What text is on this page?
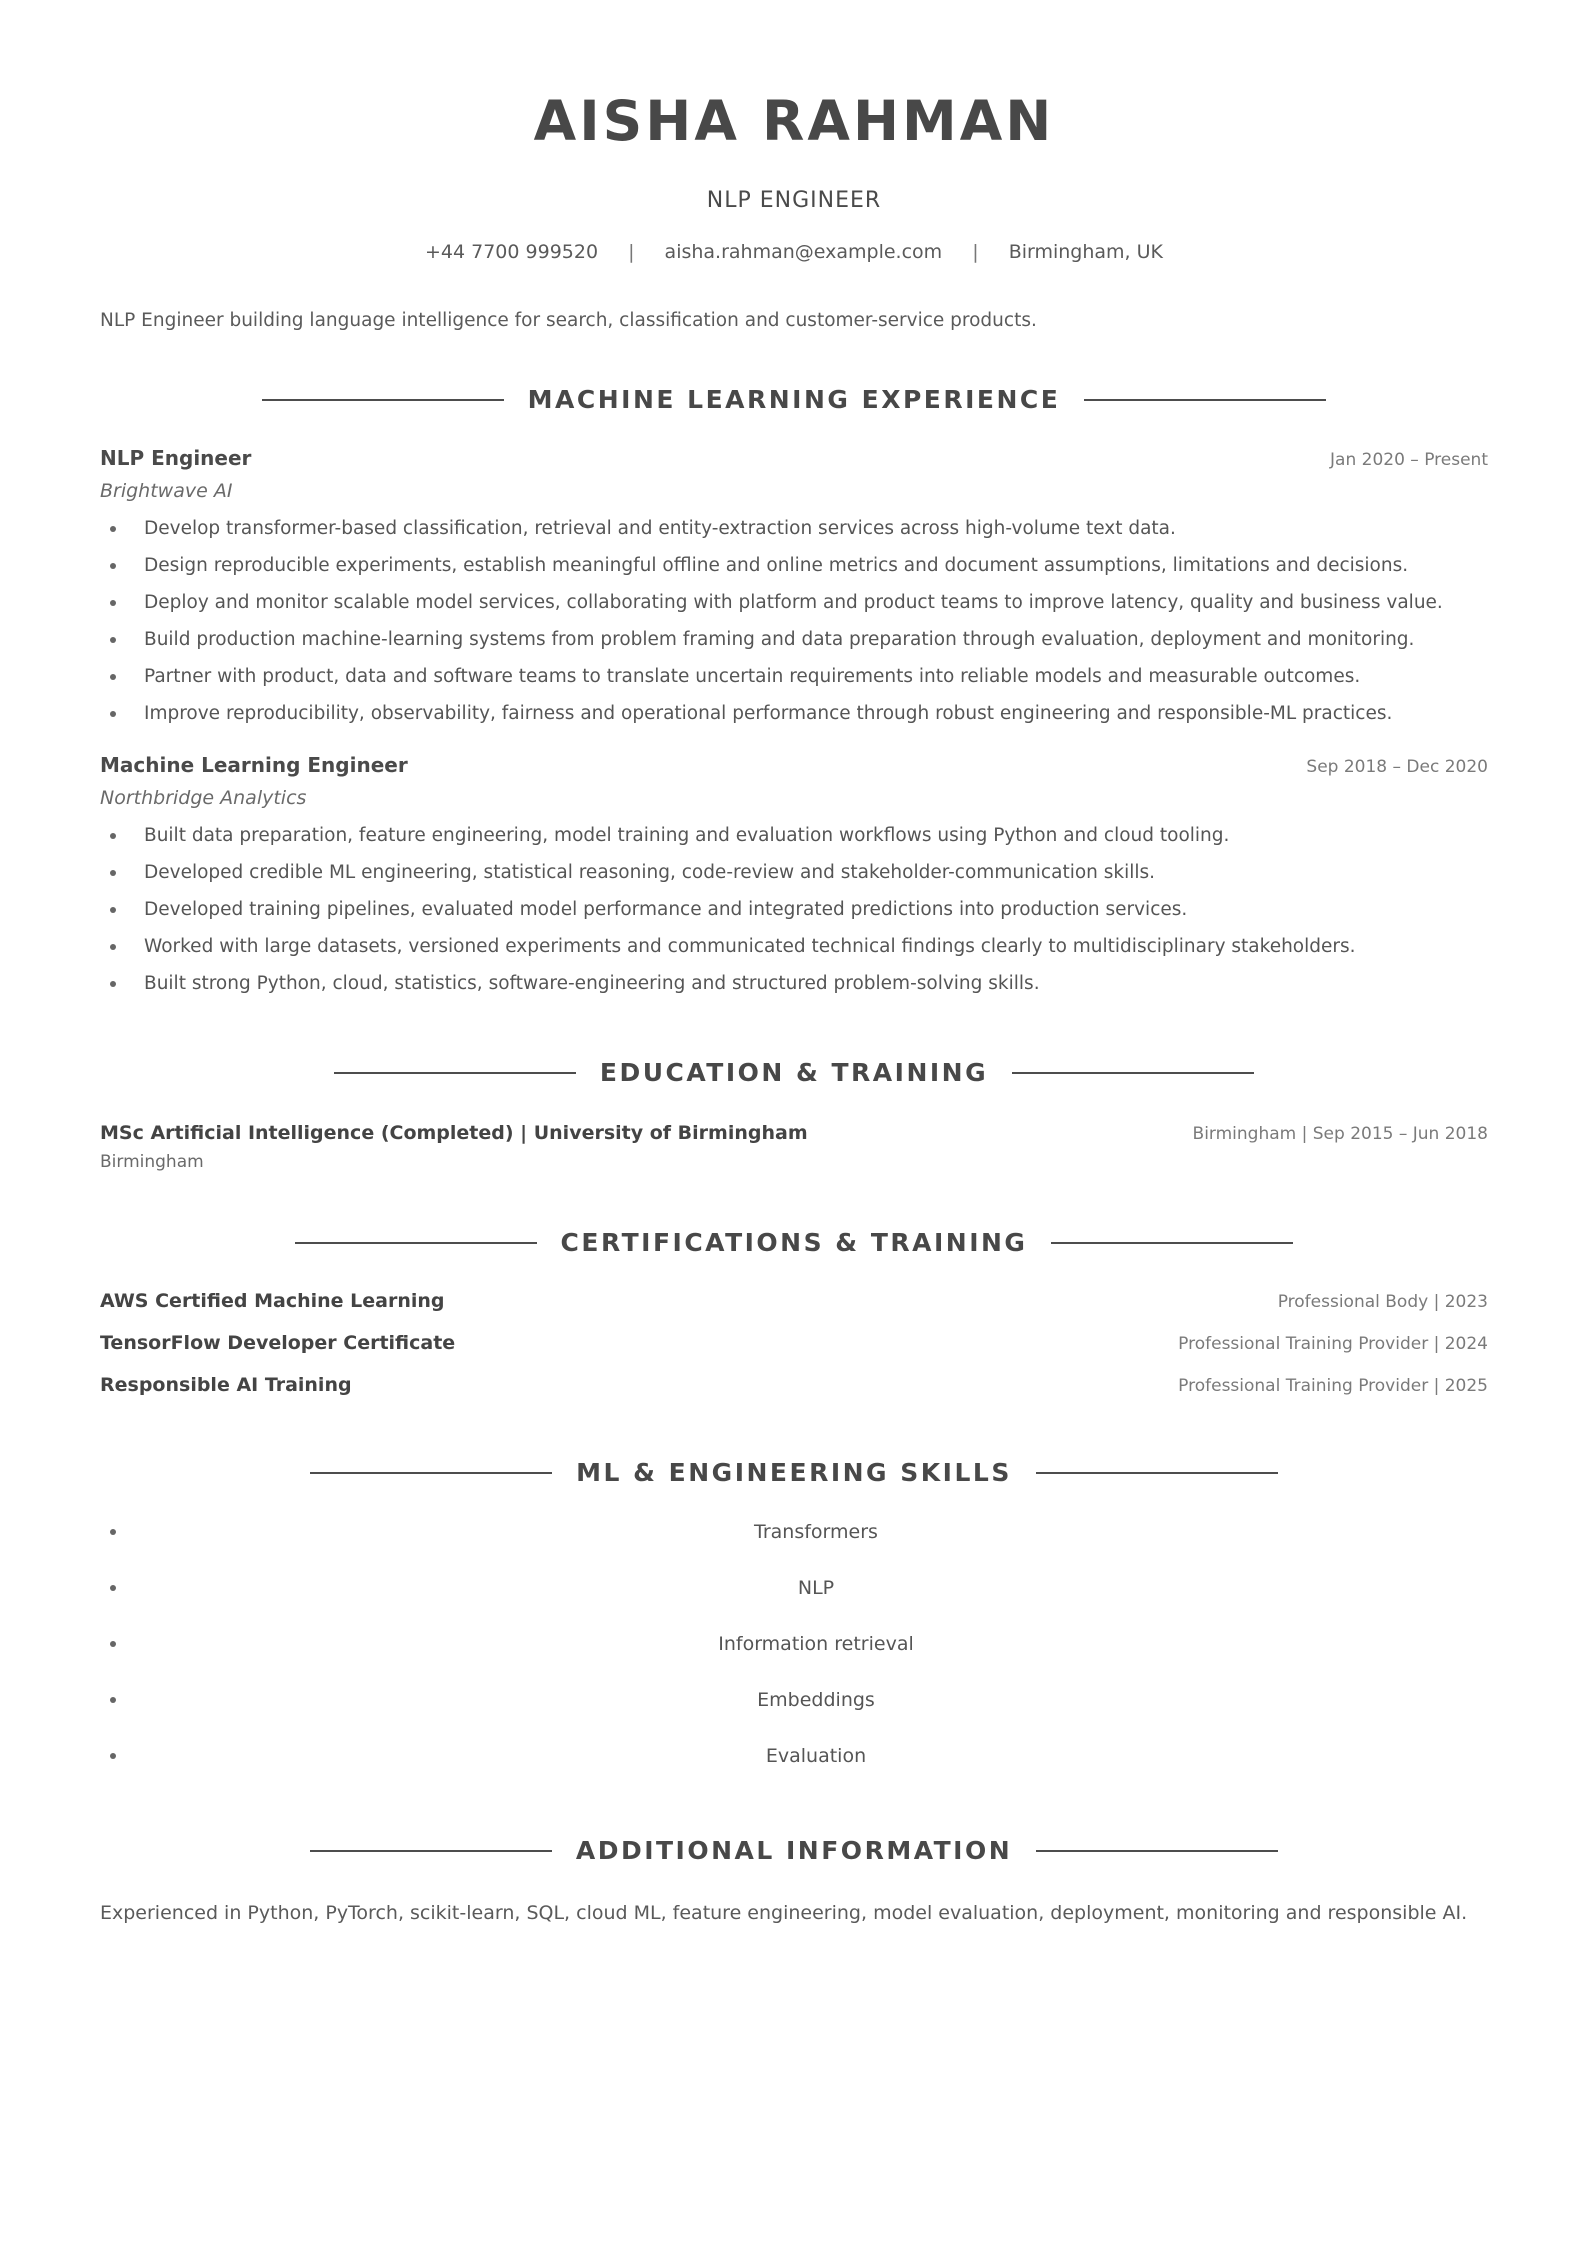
AISHA RAHMAN
NLP ENGINEER
+44 7700 999520 | aisha.rahman@example.com | Birmingham, UK
NLP Engineer building language intelligence for search, classification and customer-service products.
MACHINE LEARNING EXPERIENCE
NLP Engineer	Jan 2020 – Present
Brightwave AI
Develop transformer-based classification, retrieval and entity-extraction services across high-volume text data.
Design reproducible experiments, establish meaningful offline and online metrics and document assumptions, limitations and decisions.
Deploy and monitor scalable model services, collaborating with platform and product teams to improve latency, quality and business value.
Build production machine-learning systems from problem framing and data preparation through evaluation, deployment and monitoring.
Partner with product, data and software teams to translate uncertain requirements into reliable models and measurable outcomes.
Improve reproducibility, observability, fairness and operational performance through robust engineering and responsible-ML practices.
Machine Learning Engineer	Sep 2018 – Dec 2020
Northbridge Analytics
Built data preparation, feature engineering, model training and evaluation workflows using Python and cloud tooling.
Developed credible ML engineering, statistical reasoning, code-review and stakeholder-communication skills.
Developed training pipelines, evaluated model performance and integrated predictions into production services.
Worked with large datasets, versioned experiments and communicated technical findings clearly to multidisciplinary stakeholders.
Built strong Python, cloud, statistics, software-engineering and structured problem-solving skills.
EDUCATION & TRAINING
MSc Artificial Intelligence (Completed) | University of Birmingham	Birmingham | Sep 2015 – Jun 2018
Birmingham
CERTIFICATIONS & TRAINING
AWS Certified Machine Learning	Professional Body | 2023
TensorFlow Developer Certificate	Professional Training Provider | 2024
Responsible AI Training	Professional Training Provider | 2025
ML & ENGINEERING SKILLS
Transformers
NLP
Information retrieval
Embeddings
Evaluation
ADDITIONAL INFORMATION
Experienced in Python, PyTorch, scikit-learn, SQL, cloud ML, feature engineering, model evaluation, deployment, monitoring and responsible AI.
